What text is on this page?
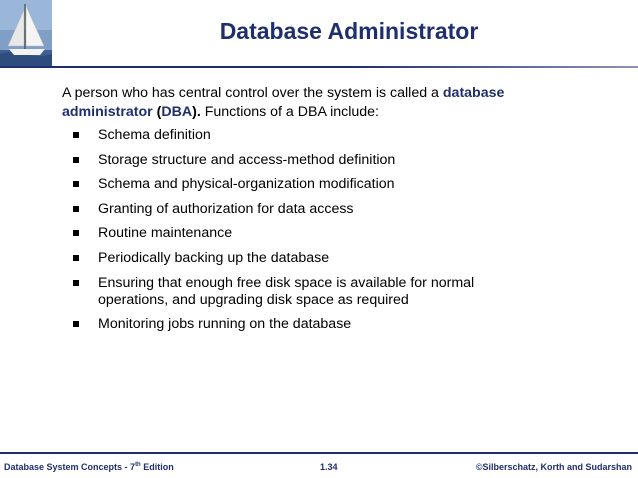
Database Administrator
A person who has central control over the system is called a database administrator (DBA). Functions of a DBA include:
Schema definition
Storage structure and access-method definition
Schema and physical-organization modification
Granting of authorization for data access
Routine maintenance
Periodically backing up the database
Ensuring that enough free disk space is available for normal operations, and upgrading disk space as required
Monitoring jobs running on the database
Database System Concepts - 7th Edition	1.34	©Silberschatz, Korth and Sudarshan
